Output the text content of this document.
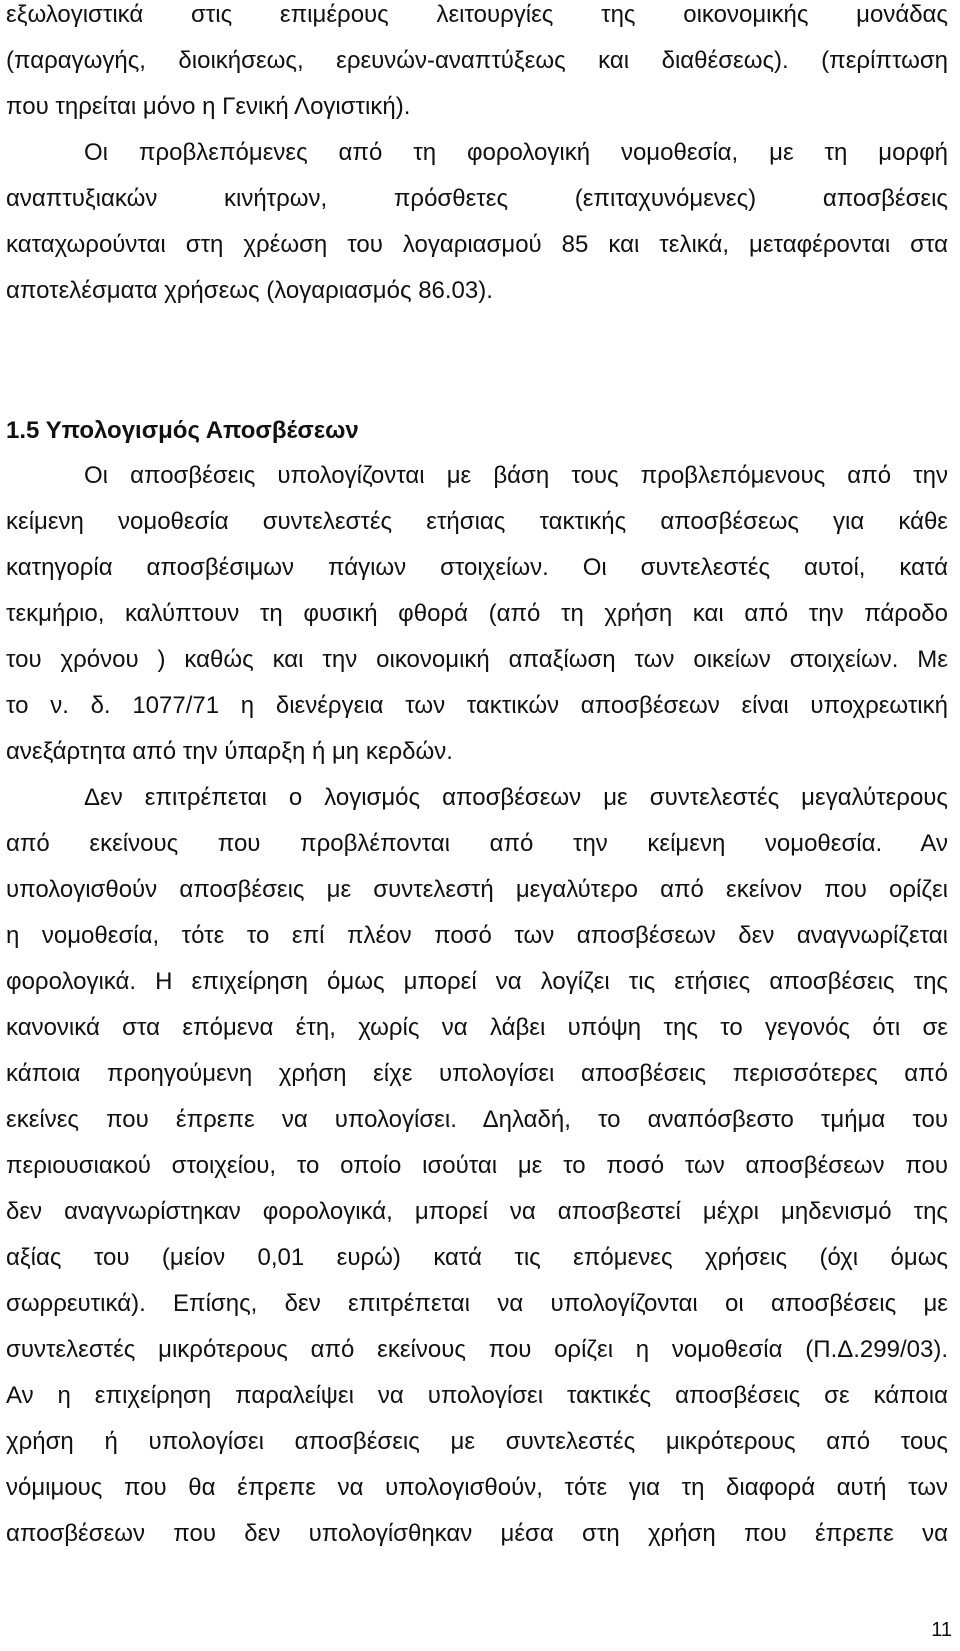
εξωλογιστικά στις επιμέρους λειτουργίες της οικονομικής μονάδας
(παραγωγής, διοικήσεως, ερευνών-αναπτύξεως και διαθέσεως). (περίπτωση
που τηρείται μόνο η Γενική Λογιστική).
Οι προβλεπόμενες από τη φορολογική νομοθεσία, με τη μορφή
αναπτυξιακών κινήτρων, πρόσθετες (επιταχυνόμενες) αποσβέσεις
καταχωρούνται στη χρέωση του λογαριασμού 85 και τελικά, μεταφέρονται στα
αποτελέσματα χρήσεως (λογαριασμός 86.03).
1.5 Υπολογισμός Αποσβέσεων
Οι αποσβέσεις υπολογίζονται με βάση τους προβλεπόμενους από την
κείμενη νομοθεσία συντελεστές ετήσιας τακτικής αποσβέσεως για κάθε
κατηγορία αποσβέσιμων πάγιων στοιχείων. Οι συντελεστές αυτοί, κατά
τεκμήριο, καλύπτουν τη φυσική φθορά (από τη χρήση και από την πάροδο
του χρόνου ) καθώς και την οικονομική απαξίωση των οικείων στοιχείων. Με
το ν. δ. 1077/71 η διενέργεια των τακτικών αποσβέσεων είναι υποχρεωτική
ανεξάρτητα από την ύπαρξη ή μη κερδών.
Δεν επιτρέπεται ο λογισμός αποσβέσεων με συντελεστές μεγαλύτερους
από εκείνους που προβλέπονται από την κείμενη νομοθεσία. Αν
υπολογισθούν αποσβέσεις με συντελεστή μεγαλύτερο από εκείνον που ορίζει
η νομοθεσία, τότε το επί πλέον ποσό των αποσβέσεων δεν αναγνωρίζεται
φορολογικά. Η επιχείρηση όμως μπορεί να λογίζει τις ετήσιες αποσβέσεις της
κανονικά στα επόμενα έτη, χωρίς να λάβει υπόψη της το γεγονός ότι σε
κάποια προηγούμενη χρήση είχε υπολογίσει αποσβέσεις περισσότερες από
εκείνες που έπρεπε να υπολογίσει. Δηλαδή, το αναπόσβεστο τμήμα του
περιουσιακού στοιχείου, το οποίο ισούται με το ποσό των αποσβέσεων που
δεν αναγνωρίστηκαν φορολογικά, μπορεί να αποσβεστεί μέχρι μηδενισμό της
αξίας του (μείον 0,01 ευρώ) κατά τις επόμενες χρήσεις (όχι όμως
σωρρευτικά). Επίσης, δεν επιτρέπεται να υπολογίζονται οι αποσβέσεις με
συντελεστές μικρότερους από εκείνους που ορίζει η νομοθεσία (Π.Δ.299/03).
Αν η επιχείρηση παραλείψει να υπολογίσει τακτικές αποσβέσεις σε κάποια
χρήση ή υπολογίσει αποσβέσεις με συντελεστές μικρότερους από τους
νόμιμους που θα έπρεπε να υπολογισθούν, τότε για τη διαφορά αυτή των
αποσβέσεων που δεν υπολογίσθηκαν μέσα στη χρήση που έπρεπε να
11
